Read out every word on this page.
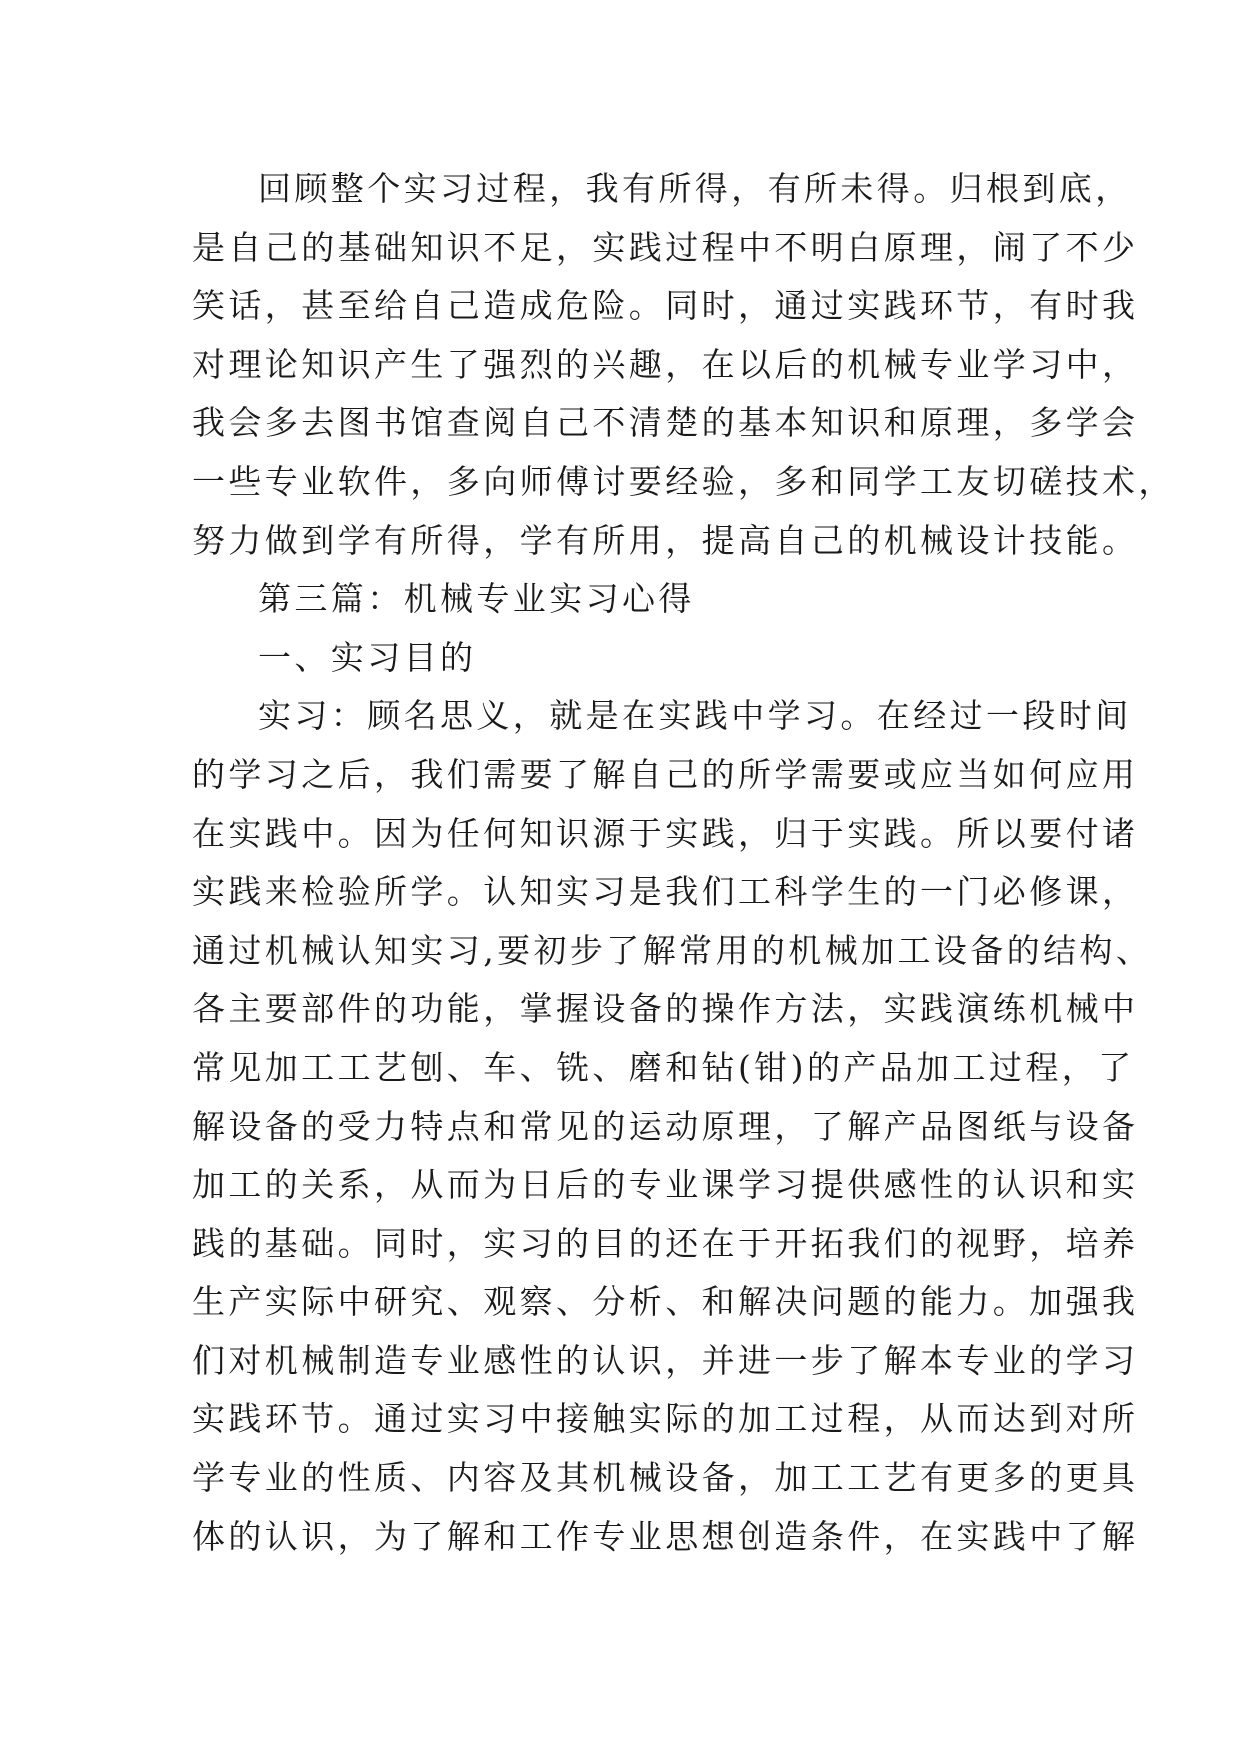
回顾整个实习过程，我有所得，有所未得。归根到底，
是自己的基础知识不足，实践过程中不明白原理，闹了不少
笑话，甚至给自己造成危险。同时，通过实践环节，有时我
对理论知识产生了强烈的兴趣，在以后的机械专业学习中，
我会多去图书馆查阅自己不清楚的基本知识和原理，多学会
一些专业软件，多向师傅讨要经验，多和同学工友切磋技术，
努力做到学有所得，学有所用，提高自己的机械设计技能。
第三篇：机械专业实习心得
一、实习目的
实习：顾名思义，就是在实践中学习。在经过一段时间
的学习之后，我们需要了解自己的所学需要或应当如何应用
在实践中。因为任何知识源于实践，归于实践。所以要付诸
实践来检验所学。认知实习是我们工科学生的一门必修课，
通过机械认知实习,要初步了解常用的机械加工设备的结构、
各主要部件的功能，掌握设备的操作方法，实践演练机械中
常见加工工艺刨、车、铣、磨和钻(钳)的产品加工过程，了
解设备的受力特点和常见的运动原理，了解产品图纸与设备
加工的关系，从而为日后的专业课学习提供感性的认识和实
践的基础。同时，实习的目的还在于开拓我们的视野，培养
生产实际中研究、观察、分析、和解决问题的能力。加强我
们对机械制造专业感性的认识，并进一步了解本专业的学习
实践环节。通过实习中接触实际的加工过程，从而达到对所
学专业的性质、内容及其机械设备，加工工艺有更多的更具
体的认识，为了解和工作专业思想创造条件，在实践中了解
